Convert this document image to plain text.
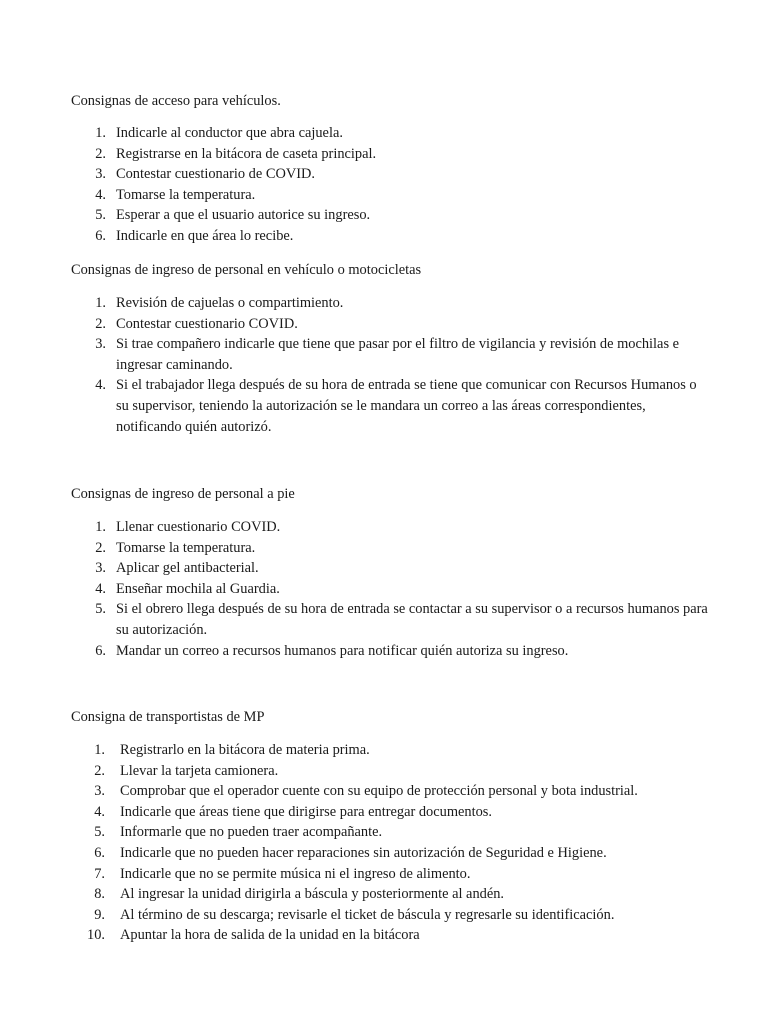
Consignas de acceso para vehículos.
1. Indicarle al conductor que abra cajuela.
2. Registrarse en la bitácora de caseta principal.
3. Contestar cuestionario de COVID.
4. Tomarse la temperatura.
5. Esperar a que el usuario autorice su ingreso.
6. Indicarle en que área lo recibe.
Consignas de ingreso de personal en vehículo o motocicletas
1. Revisión de cajuelas o compartimiento.
2. Contestar cuestionario COVID.
3. Si trae compañero indicarle que tiene que pasar por el filtro de vigilancia y revisión de mochilas e ingresar caminando.
4. Si el trabajador llega después de su hora de entrada se tiene que comunicar con Recursos Humanos o su supervisor, teniendo la autorización se le mandara un correo a las áreas correspondientes, notificando quién autorizó.
Consignas de ingreso de personal a pie
1. Llenar cuestionario COVID.
2. Tomarse la temperatura.
3. Aplicar gel antibacterial.
4. Enseñar mochila al Guardia.
5. Si el obrero llega después de su hora de entrada se contactar a su supervisor o a recursos humanos para su autorización.
6. Mandar un correo a recursos humanos para notificar quién autoriza su ingreso.
Consigna de transportistas de MP
1. Registrarlo en la bitácora de materia prima.
2. Llevar la tarjeta camionera.
3. Comprobar que el operador cuente con su equipo de protección personal y bota industrial.
4. Indicarle que áreas tiene que dirigirse para entregar documentos.
5. Informarle que no pueden traer acompañante.
6. Indicarle que no pueden hacer reparaciones sin autorización de Seguridad e Higiene.
7. Indicarle que no se permite música ni el ingreso de alimento.
8. Al ingresar la unidad dirigirla a báscula y posteriormente al andén.
9. Al término de su descarga; revisarle el ticket de báscula y regresarle su identificación.
10. Apuntar la hora de salida de la unidad en la bitácora
